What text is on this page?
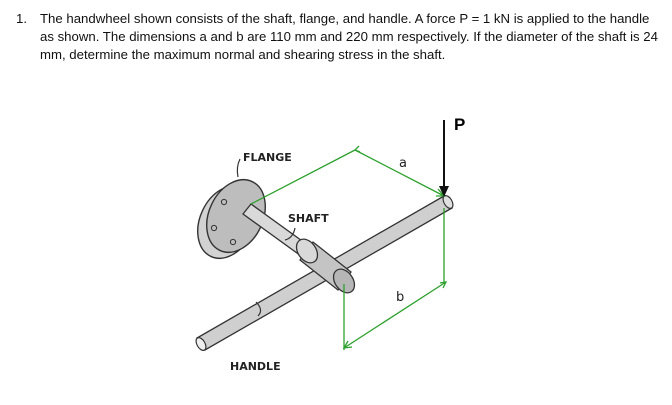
1. The handwheel shown consists of the shaft, flange, and handle. A force P = 1 kN is applied to the handle as shown. The dimensions a and b are 110 mm and 220 mm respectively. If the diameter of the shaft is 24 mm, determine the maximum normal and shearing stress in the shaft.
FLANGE
SHAFT
HANDLE
P
a
b
